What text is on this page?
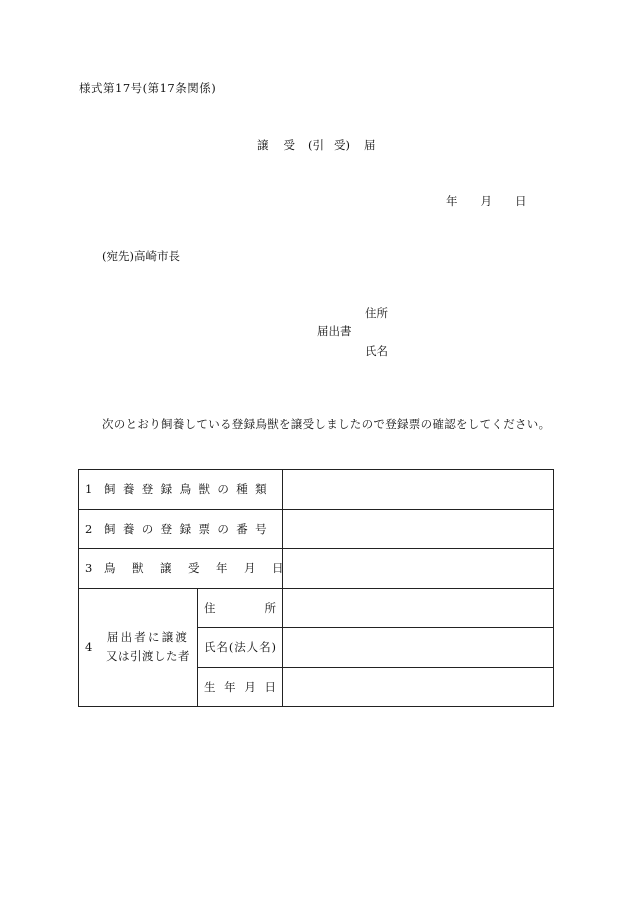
様式第17号(第17条関係)
譲 受 (引 受) 届
年 月 日
(宛先)高崎市長
住所
届出書
氏名
次のとおり飼養している登録鳥獣を譲受しましたので登録票の確認をしてください。
1 飼養登録鳥獣の種類		
2 飼養の登録票の番号		
3 鳥獣譲受年月日		

4
届出者に譲渡
又は引渡した者	住所	
	氏名(法人名)	
	生年月日	
